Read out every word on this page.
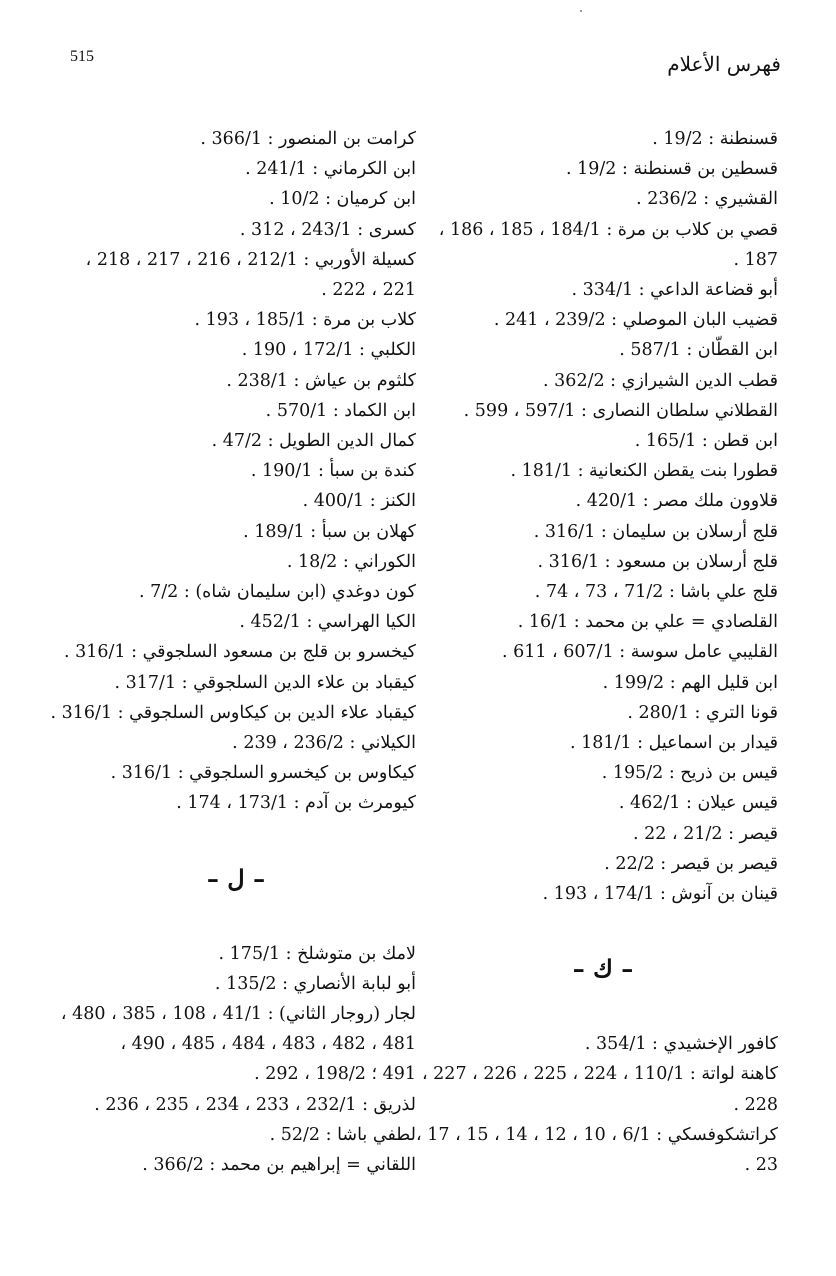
515	فهرس الأعلام
قسنطنة : 19/2 .
قسطين بن قسنطنة : 19/2 .
القشيري : 236/2 .
قصي بن كلاب بن مرة : 184/1 ، 185 ، 186 ،
187 .
أبو قضاعة الداعي : 334/1 .
قضيب البان الموصلي : 239/2 ، 241 .
ابن القطّان : 587/1 .
قطب الدين الشيرازي : 362/2 .
القطلاني سلطان النصارى : 597/1 ، 599 .
ابن قطن : 165/1 .
قطورا بنت يقطن الكنعانية : 181/1 .
قلاوون ملك مصر : 420/1 .
قلج أرسلان بن سليمان : 316/1 .
قلج أرسلان بن مسعود : 316/1 .
قلج علي باشا : 71/2 ، 73 ، 74 .
القلصادي = علي بن محمد : 16/1 .
القليبي عامل سوسة : 607/1 ، 611 .
ابن قليل الهم : 199/2 .
قونا التري : 280/1 .
قيدار بن اسماعيل : 181/1 .
قيس بن ذريح : 195/2 .
قيس عيلان : 462/1 .
قيصر : 21/2 ، 22 .
قيصر بن قيصر : 22/2 .
قينان بن آنوش : 174/1 ، 193 .
– ك –
كافور الإخشيدي : 354/1 .
كاهنة لواتة : 110/1 ، 224 ، 225 ، 226 ، 227 ،
228 .
كراتشكوفسكي : 6/1 ، 10 ، 12 ، 14 ، 15 ، 17 ،
23 .
كرامت بن المنصور : 366/1 .
ابن الكرماني : 241/1 .
ابن كرميان : 10/2 .
كسرى : 243/1 ، 312 .
كسيلة الأوربي : 212/1 ، 216 ، 217 ، 218 ،
221 ، 222 .
كلاب بن مرة : 185/1 ، 193 .
الكلبي : 172/1 ، 190 .
كلثوم بن عياش : 238/1 .
ابن الكماد : 570/1 .
كمال الدين الطويل : 47/2 .
كندة بن سبأ : 190/1 .
الكنز : 400/1 .
كهلان بن سبأ : 189/1 .
الكوراني : 18/2 .
كون دوغدي (ابن سليمان شاه) : 7/2 .
الكيا الهراسي : 452/1 .
كيخسرو بن قلج بن مسعود السلجوقي : 316/1 .
كيقباد بن علاء الدين السلجوقي : 317/1 .
كيقباد علاء الدين بن كيكاوس السلجوقي : 316/1 .
الكيلاني : 236/2 ، 239 .
كيكاوس بن كيخسرو السلجوقي : 316/1 .
كيومرث بن آدم : 173/1 ، 174 .
– ل –
لامك بن متوشلخ : 175/1 .
أبو لبابة الأنصاري : 135/2 .
لجار (روجار الثاني) : 41/1 ، 108 ، 385 ، 480 ،
481 ، 482 ، 483 ، 484 ، 485 ، 490 ،
491 ؛ 198/2 ، 292 .
لذريق : 232/1 ، 233 ، 234 ، 235 ، 236 .
لطفي باشا : 52/2 .
اللقاني = إبراهيم بن محمد : 366/2 .
